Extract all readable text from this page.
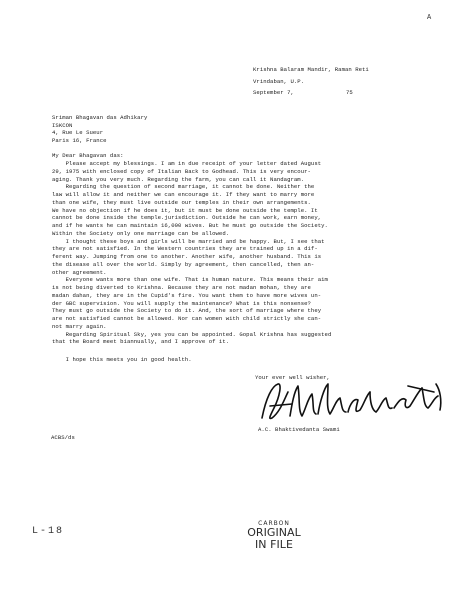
A
Krishna Balaram Mandir, Raman Reti
Vrindaban, U.P.
September 7,	75
Sriman Bhagavan das Adhikary
ISKCON
4, Rue Le Sueur
Paris 16, France
My Dear Bhagavan das:
Please accept my blessings. I am in due receipt of your letter dated August
29, 1975 with enclosed copy of Italian Back to Godhead. This is very encour-
aging. Thank you very much. Regarding the farm, you can call it Nandagram.
Regarding the question of second marriage, it cannot be done. Neither the
law will allow it and neither we can encourage it. If they want to marry more
than one wife, they must live outside our temples in their own arrangements.
We have no objection if he does it, but it must be done outside the temple. It
cannot be done inside the temple.jurisdiction. Outside he can work, earn money,
and if he wants he can maintain 16,000 wives. But he must go outside the Society.
Within the Society only one marriage can be allowed.
I thought these boys and girls will be married and be happy. But, I see that
they are not satisfied. In the Western countries they are trained up in a dif-
ferent way. Jumping from one to another. Another wife, another husband. This is
the disease all over the world. Simply by agreement, then cancelled, then an-
other agreement.
Everyone wants more than one wife. That is human nature. This means their aim
is not being diverted to Krishna. Because they are not madan mohan, they are
madan dahan, they are in the Cupid's fire. You want them to have more wives un-
der GBC supervision. You will supply the maintenance? What is this nonsense?
They must go outside the Society to do it. And, the sort of marriage where they
are not satisfied cannot be allowed. Nor can women with child strictly she can-
not marry again.
Regarding Spiritual Sky, yes you can be appointed. Gopal Krishna has suggested
that the Board meet biannually, and I approve of it.
I hope this meets you in good health.
Your ever well wisher,
A.C. Bhaktivedanta Swami
ACBS/ds
L-18
CARBON
ORIGINAL
IN FILE
